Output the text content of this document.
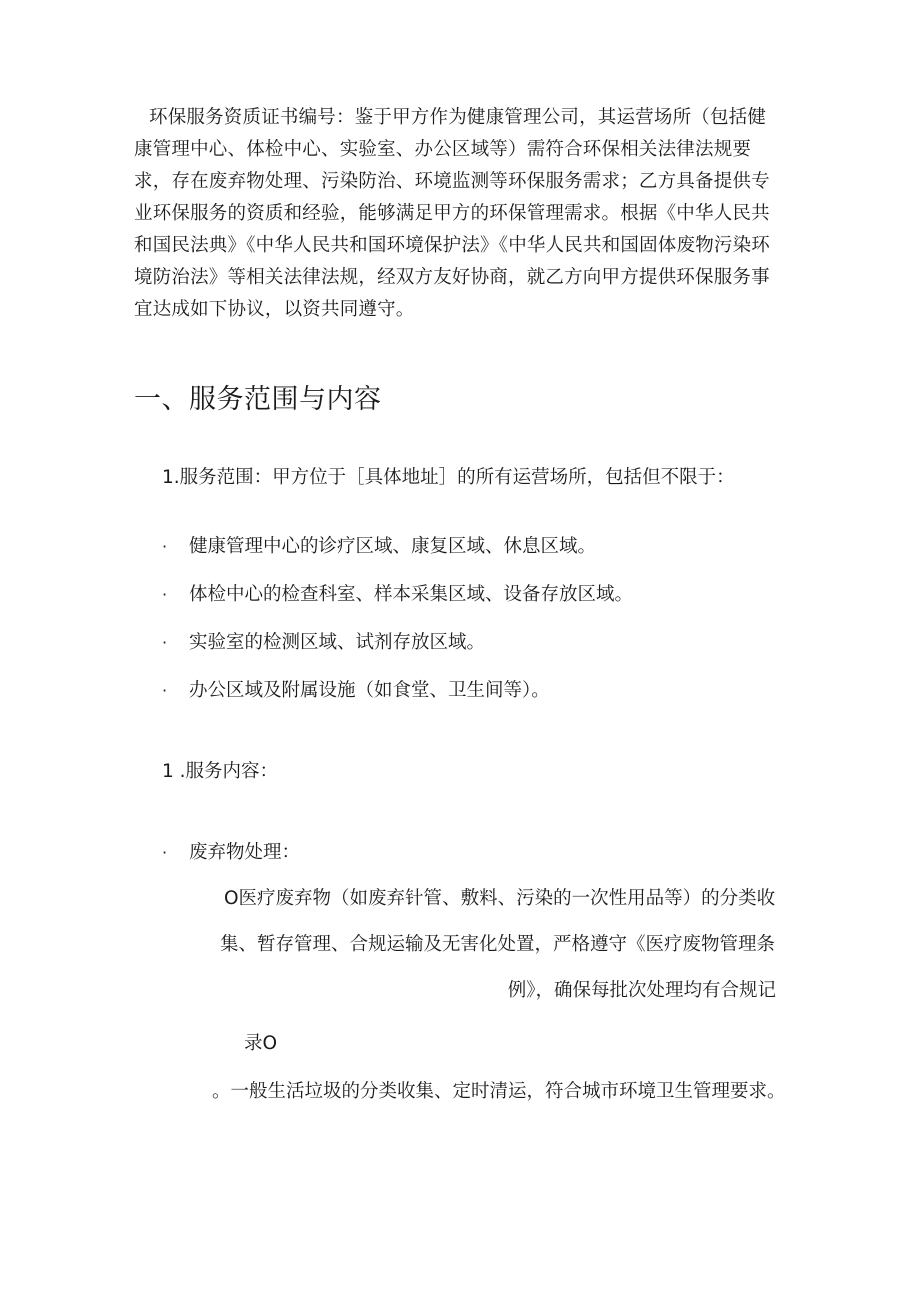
环保服务资质证书编号：鉴于甲方作为健康管理公司，其运营场所（包括健康管理中心、体检中心、实验室、办公区域等）需符合环保相关法律法规要求，存在废弃物处理、污染防治、环境监测等环保服务需求；乙方具备提供专业环保服务的资质和经验，能够满足甲方的环保管理需求。根据《中华人民共和国民法典》《中华人民共和国环境保护法》《中华人民共和国固体废物污染环境防治法》等相关法律法规，经双方友好协商，就乙方向甲方提供环保服务事宜达成如下协议，以资共同遵守。

一、服务范围与内容

1.服务范围：甲方位于［具体地址］的所有运营场所，包括但不限于：

· 健康管理中心的诊疗区域、康复区域、休息区域。
· 体检中心的检查科室、样本采集区域、设备存放区域。
· 实验室的检测区域、试剂存放区域。
· 办公区域及附属设施（如食堂、卫生间等）。

1 .服务内容：

· 废弃物处理：
O医疗废弃物（如废弃针管、敷料、污染的一次性用品等）的分类收
集、暂存管理、合规运输及无害化处置，严格遵守《医疗废物管理条
例》，确保每批次处理均有合规记

录O

。一般生活垃圾的分类收集、定时清运，符合城市环境卫生管理要求。
